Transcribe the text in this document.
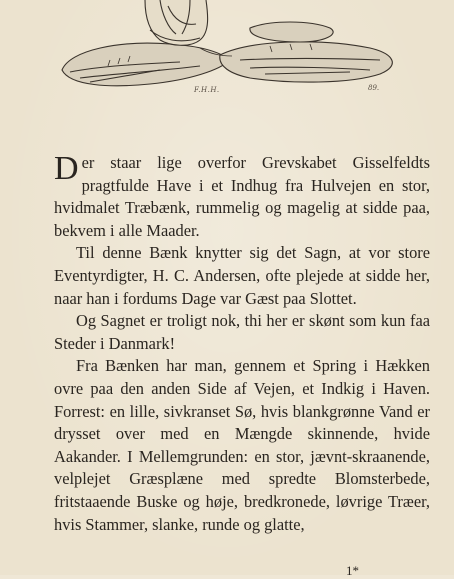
F.H.H.	89.

Der staar lige overfor Grevskabet Gisselfeldts pragtfulde Have i et Indhug fra Hulvejen en stor, hvidmalet Træbænk, rummelig og magelig at sidde paa, bekvem i alle Maader.

Til denne Bænk knytter sig det Sagn, at vor store Eventyrdigter, H. C. Andersen, ofte plejede at sidde her, naar han i fordums Dage var Gæst paa Slottet.

Og Sagnet er troligt nok, thi her er skønt som kun faa Steder i Danmark!

Fra Bænken har man, gennem et Spring i Hækken ovre paa den anden Side af Vejen, et Indkig i Haven. Forrest: en lille, sivkranset Sø, hvis blankgrønne Vand er drysset over med en Mængde skinnende, hvide Aakander. I Mellemgrunden: en stor, jævnt-skraanende, velplejet Græsplæne med spredte Blomsterbede, fritstaaende Buske og høje, bredkronede, løvrige Træer, hvis Stammer, slanke, runde og glatte,

1*
